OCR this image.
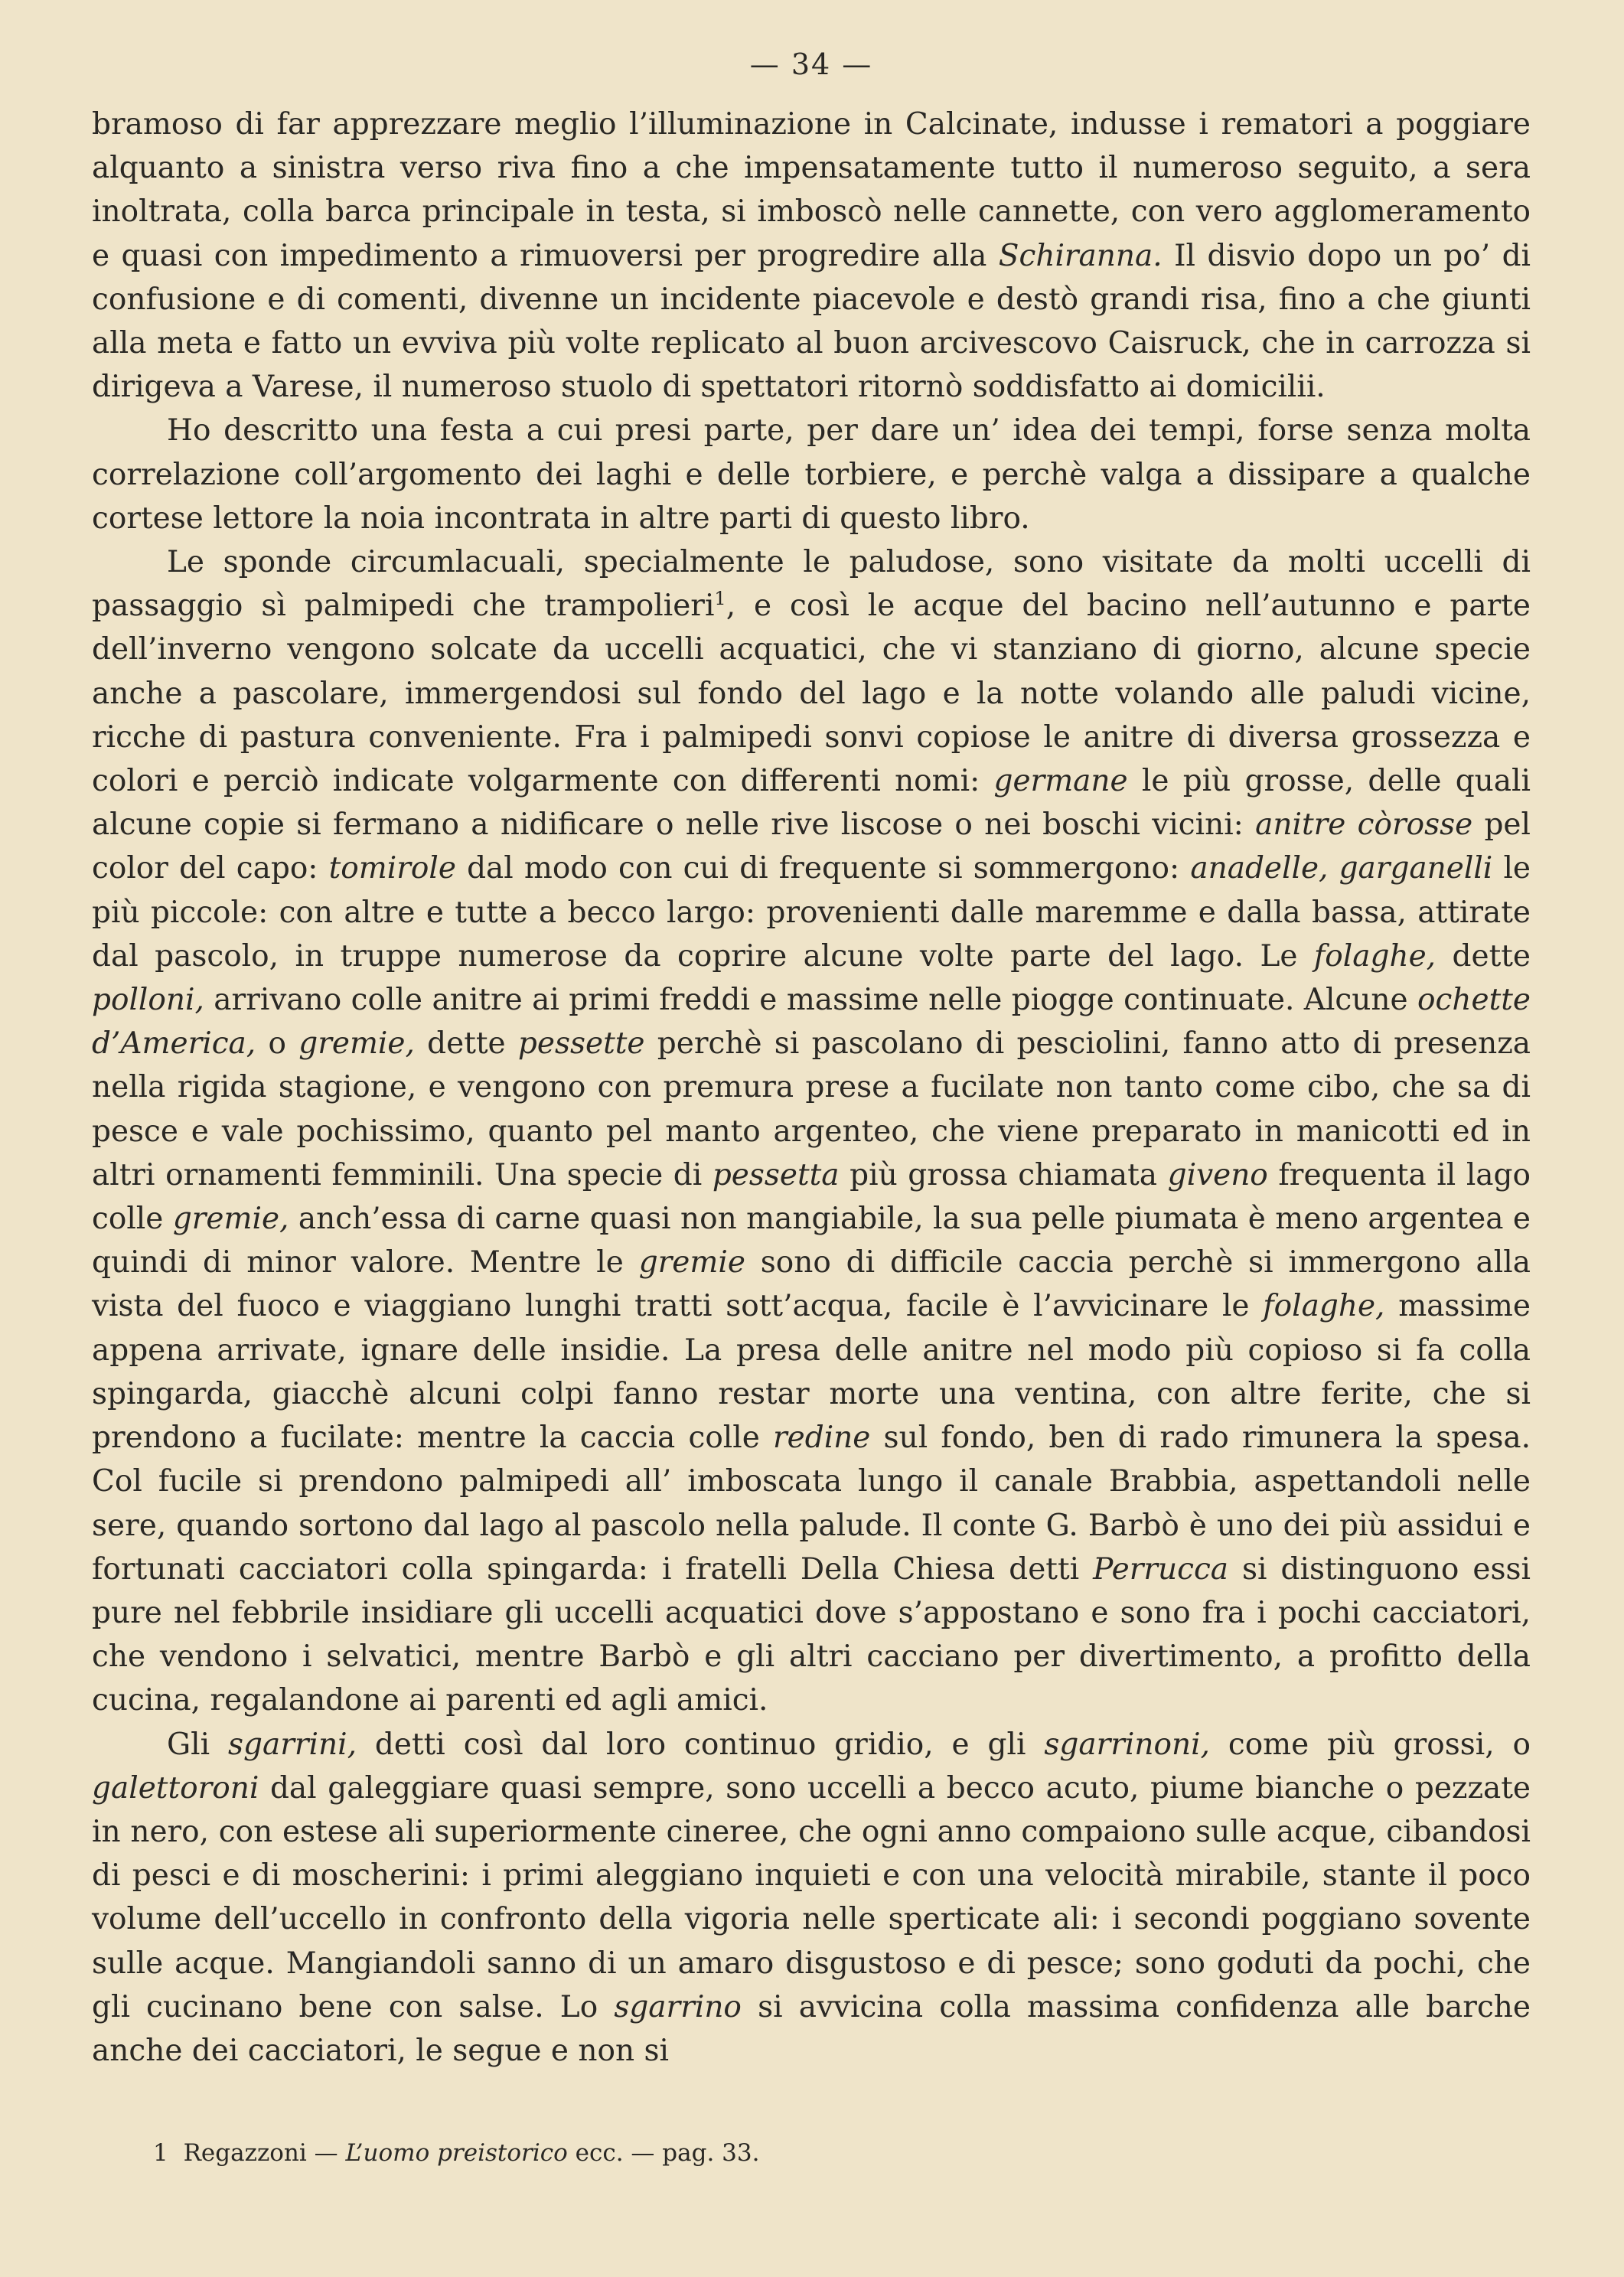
— 34 —

bramoso di far apprezzare meglio l’illuminazione in Calcinate, indusse i rematori a poggiare alquanto a sinistra verso riva fino a che impensatamente tutto il numeroso seguito, a sera inoltrata, colla barca principale in testa, si imboscò nelle cannette, con vero agglomeramento e quasi con impedimento a rimuoversi per progredire alla Schiranna. Il disvio dopo un po’ di confusione e di comenti, divenne un incidente piacevole e destò grandi risa, fino a che giunti alla meta e fatto un evviva più volte replicato al buon arcivescovo Caisruck, che in carrozza si dirigeva a Varese, il numeroso stuolo di spettatori ritornò soddisfatto ai domicilii.

Ho descritto una festa a cui presi parte, per dare un’ idea dei tempi, forse senza molta correlazione coll’argomento dei laghi e delle torbiere, e perchè valga a dissipare a qualche cortese lettore la noia incontrata in altre parti di questo libro.

Le sponde circumlacuali, specialmente le paludose, sono visitate da molti uccelli di passaggio sì palmipedi che trampolieri$^1$, e così le acque del bacino nell’autunno e parte dell’inverno vengono solcate da uccelli acquatici, che vi stanziano di giorno, alcune specie anche a pascolare, immergendosi sul fondo del lago e la notte volando alle paludi vicine, ricche di pastura conveniente. Fra i palmipedi sonvi copiose le anitre di diversa grossezza e colori e perciò indicate volgarmente con differenti nomi: germane le più grosse, delle quali alcune copie si fermano a nidificare o nelle rive liscose o nei boschi vicini: anitre còrosse pel color del capo: tomirole dal modo con cui di frequente si sommergono: anadelle, garganelli le più piccole: con altre e tutte a becco largo: provenienti dalle maremme e dalla bassa, attirate dal pascolo, in truppe numerose da coprire alcune volte parte del lago. Le folaghe, dette polloni, arrivano colle anitre ai primi freddi e massime nelle piogge continuate. Alcune ochette d’America, o gremie, dette pessette perchè si pascolano di pesciolini, fanno atto di presenza nella rigida stagione, e vengono con premura prese a fucilate non tanto come cibo, che sa di pesce e vale pochissimo, quanto pel manto argenteo, che viene preparato in manicotti ed in altri ornamenti femminili. Una specie di pessetta più grossa chiamata giveno frequenta il lago colle gremie, anch’essa di carne quasi non mangiabile, la sua pelle piumata è meno argentea e quindi di minor valore. Mentre le gremie sono di difficile caccia perchè si immergono alla vista del fuoco e viaggiano lunghi tratti sott’acqua, facile è l’avvicinare le folaghe, massime appena arrivate, ignare delle insidie. La presa delle anitre nel modo più copioso si fa colla spingarda, giacchè alcuni colpi fanno restar morte una ventina, con altre ferite, che si prendono a fucilate: mentre la caccia colle redine sul fondo, ben di rado rimunera la spesa. Col fucile si prendono palmipedi all’ imboscata lungo il canale Brabbia, aspettandoli nelle sere, quando sortono dal lago al pascolo nella palude. Il conte G. Barbò è uno dei più assidui e fortunati cacciatori colla spingarda: i fratelli Della Chiesa detti Perrucca si distinguono essi pure nel febbrile insidiare gli uccelli acquatici dove s’appostano e sono fra i pochi cacciatori, che vendono i selvatici, mentre Barbò e gli altri cacciano per divertimento, a profitto della cucina, regalandone ai parenti ed agli amici.

Gli sgarrini, detti così dal loro continuo gridio, e gli sgarrinoni, come più grossi, o galettoroni dal galeggiare quasi sempre, sono uccelli a becco acuto, piume bianche o pezzate in nero, con estese ali superiormente cineree, che ogni anno compaiono sulle acque, cibandosi di pesci e di moscherini: i primi aleggiano inquieti e con una velocità mirabile, stante il poco volume dell’uccello in confronto della vigoria nelle sperticate ali: i secondi poggiano sovente sulle acque. Mangiandoli sanno di un amaro disgustoso e di pesce; sono goduti da pochi, che gli cucinano bene con salse. Lo sgarrino si avvicina colla massima confidenza alle barche anche dei cacciatori, le segue e non si

1 Regazzoni — L’uomo preistorico ecc. — pag. 33.
